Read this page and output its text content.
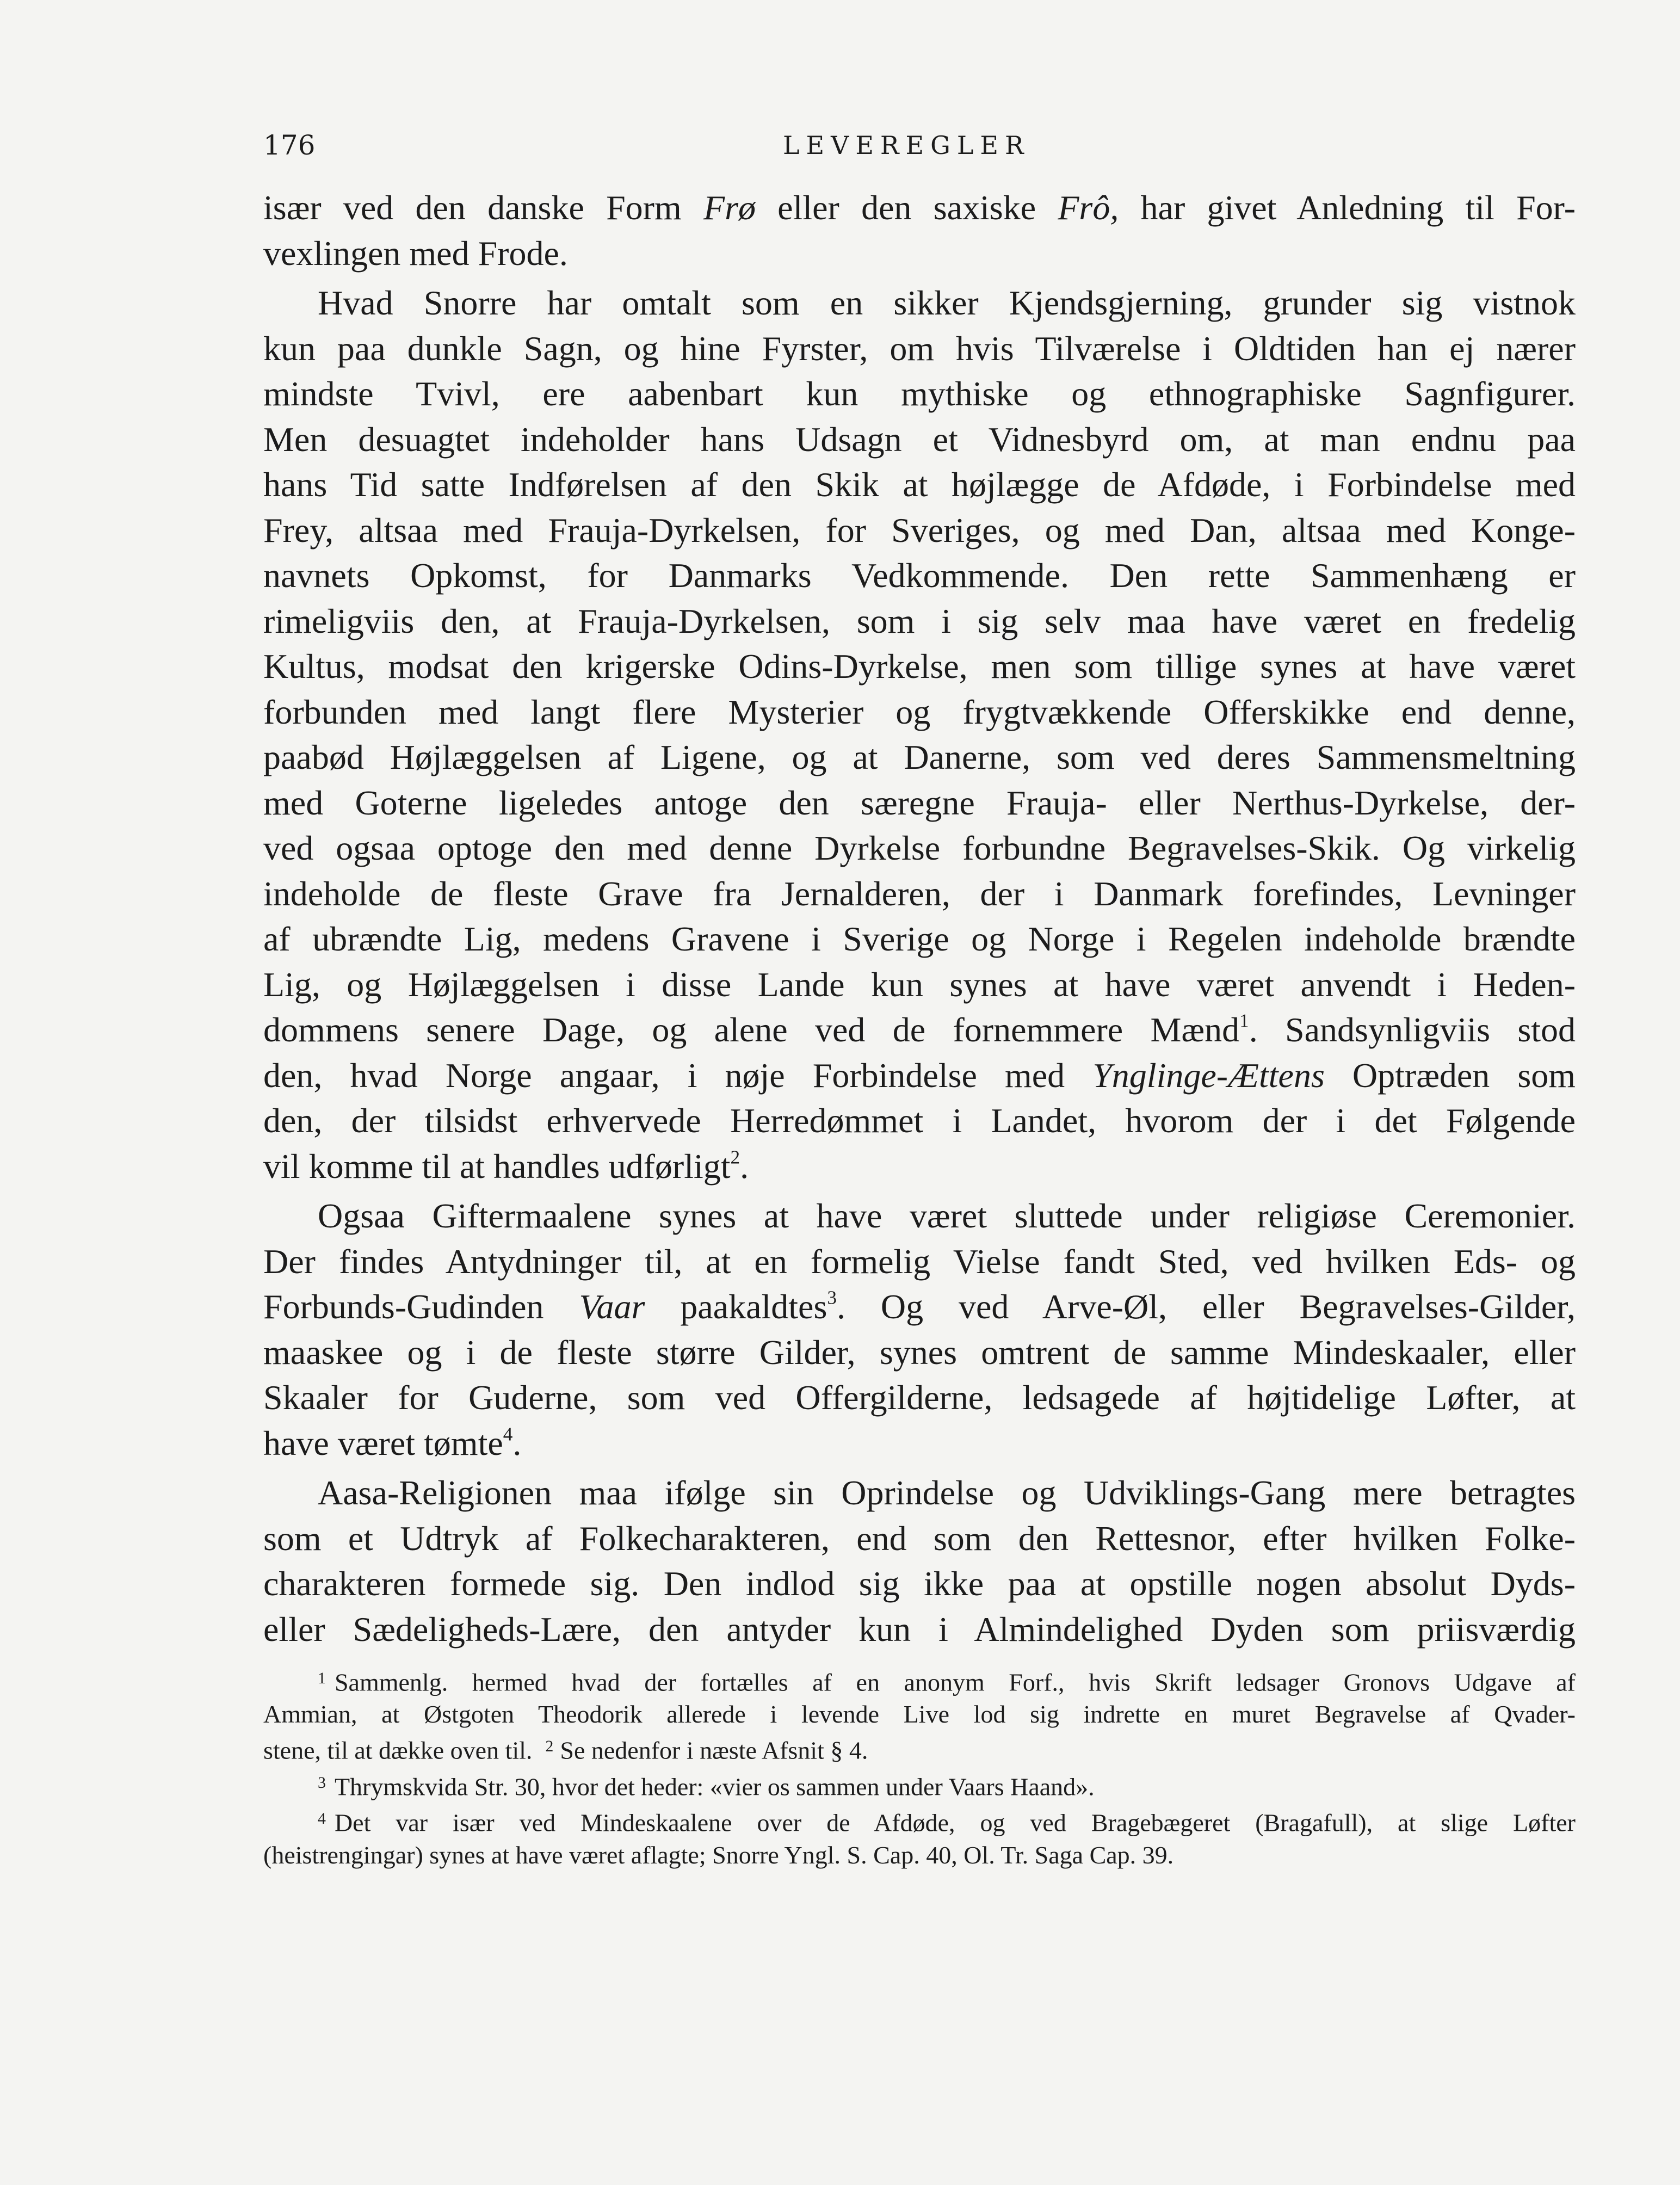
176	LEVEREGLER

især ved den danske Form Frø eller den saxiske Frô, har givet Anledning til For-
vexlingen med Frode.

Hvad Snorre har omtalt som en sikker Kjendsgjerning, grunder sig vistnok
kun paa dunkle Sagn, og hine Fyrster, om hvis Tilværelse i Oldtiden han ej nærer
mindste Tvivl, ere aabenbart kun mythiske og ethnographiske Sagnfigurer.
Men desuagtet indeholder hans Udsagn et Vidnesbyrd om, at man endnu paa
hans Tid satte Indførelsen af den Skik at højlægge de Afdøde, i Forbindelse med
Frey, altsaa med Frauja-Dyrkelsen, for Sveriges, og med Dan, altsaa med Konge-
navnets Opkomst, for Danmarks Vedkommende. Den rette Sammenhæng er
rimeligviis den, at Frauja-Dyrkelsen, som i sig selv maa have været en fredelig
Kultus, modsat den krigerske Odins-Dyrkelse, men som tillige synes at have været
forbunden med langt flere Mysterier og frygtvækkende Offerskikke end denne,
paabød Højlæggelsen af Ligene, og at Danerne, som ved deres Sammensmeltning
med Goterne ligeledes antoge den særegne Frauja- eller Nerthus-Dyrkelse, der-
ved ogsaa optoge den med denne Dyrkelse forbundne Begravelses-Skik. Og virkelig
indeholde de fleste Grave fra Jernalderen, der i Danmark forefindes, Levninger
af ubrændte Lig, medens Gravene i Sverige og Norge i Regelen indeholde brændte
Lig, og Højlæggelsen i disse Lande kun synes at have været anvendt i Heden-
dommens senere Dage, og alene ved de fornemmere Mænd$^1$. Sandsynligviis stod
den, hvad Norge angaar, i nøje Forbindelse med Ynglinge-Ættens Optræden som
den, der tilsidst erhvervede Herredømmet i Landet, hvorom der i det Følgende
vil komme til at handles udførligt$^2$.

Ogsaa Giftermaalene synes at have været sluttede under religiøse Ceremonier.
Der findes Antydninger til, at en formelig Vielse fandt Sted, ved hvilken Eds- og
Forbunds-Gudinden Vaar paakaldtes$^3$. Og ved Arve-Øl, eller Begravelses-Gilder,
maaskee og i de fleste større Gilder, synes omtrent de samme Mindeskaaler, eller
Skaaler for Guderne, som ved Offergilderne, ledsagede af højtidelige Løfter, at
have været tømte$^4$.

Aasa-Religionen maa ifølge sin Oprindelse og Udviklings-Gang mere betragtes
som et Udtryk af Folkecharakteren, end som den Rettesnor, efter hvilken Folke-
charakteren formede sig. Den indlod sig ikke paa at opstille nogen absolut Dyds-
eller Sædeligheds-Lære, den antyder kun i Almindelighed Dyden som priisværdig

$^1$ Sammenlg. hermed hvad der fortælles af en anonym Forf., hvis Skrift ledsager Gronovs Udgave af
Ammian, at Østgoten Theodorik allerede i levende Live lod sig indrette en muret Begravelse af Qvader-
stene, til at dække oven til. $^2$ Se nedenfor i næste Afsnit § 4.

$^3$ Thrymskvida Str. 30, hvor det heder: «vier os sammen under Vaars Haand».

$^4$ Det var især ved Mindeskaalene over de Afdøde, og ved Bragebægeret (Bragafull), at slige Løfter
(heistrengingar) synes at have været aflagte; Snorre Yngl. S. Cap. 40, Ol. Tr. Saga Cap. 39.
